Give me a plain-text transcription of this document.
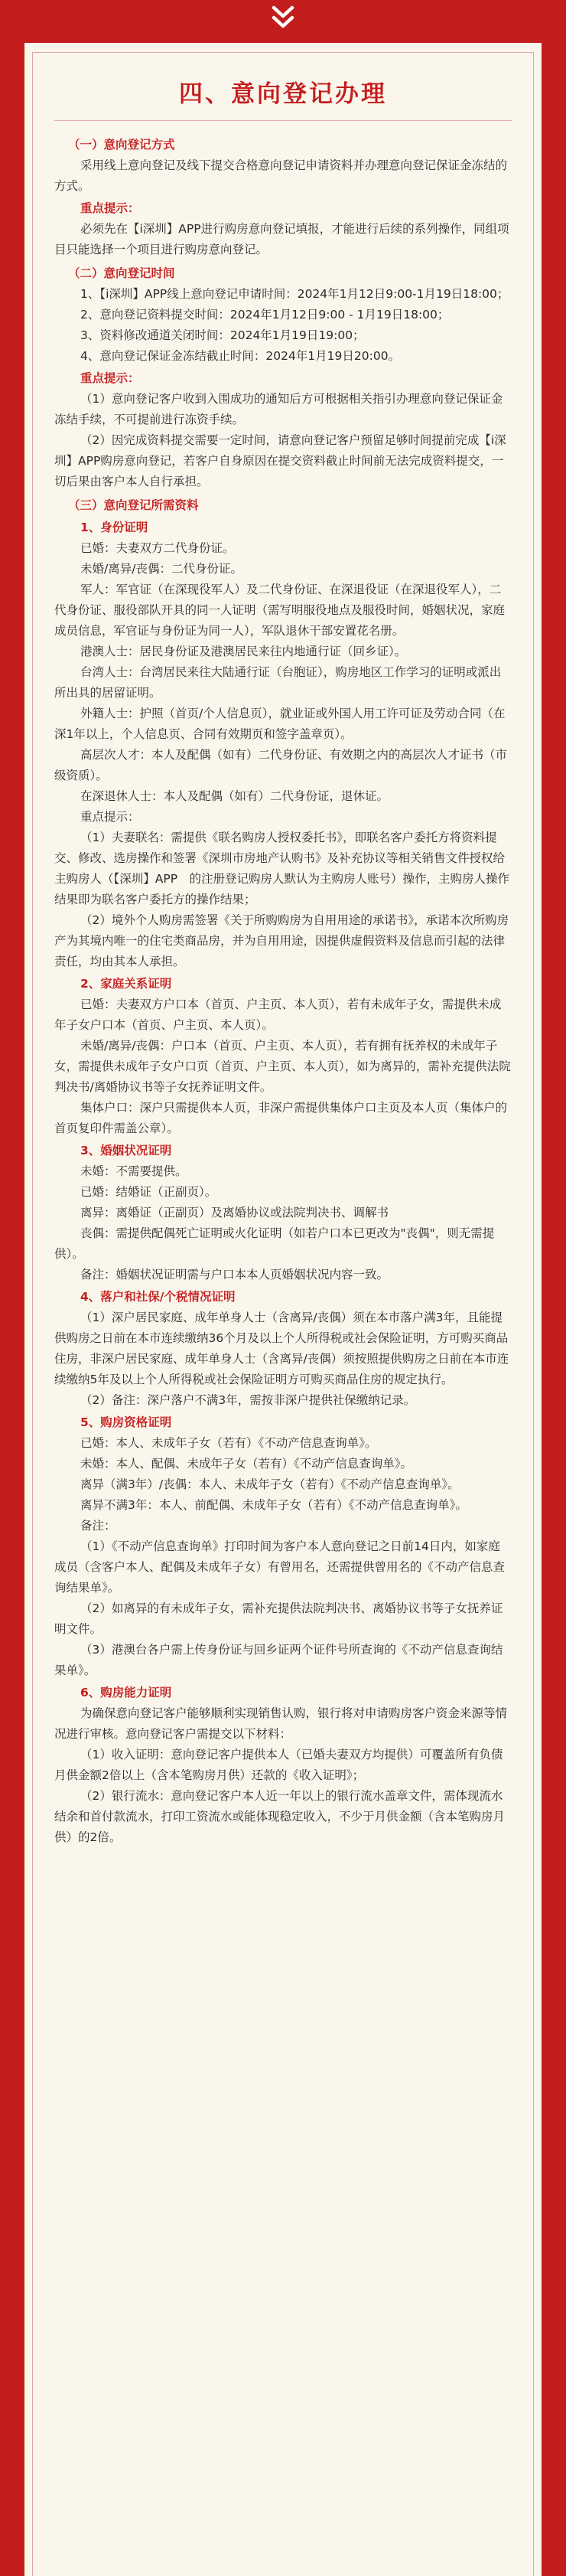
四、意向登记办理
（一）意向登记方式
采用线上意向登记及线下提交合格意向登记申请资料并办理意向登记保证金冻结的方式。
重点提示：
必须先在【i深圳】APP进行购房意向登记填报，才能进行后续的系列操作，同组项目只能选择一个项目进行购房意向登记。
（二）意向登记时间
1、【i深圳】APP线上意向登记申请时间：2024年1月12日9:00-1月19日18:00；
2、意向登记资料提交时间：2024年1月12日9:00 - 1月19日18:00；
3、资料修改通道关闭时间：2024年1月19日19:00；
4、意向登记保证金冻结截止时间：2024年1月19日20:00。
重点提示：
（1）意向登记客户收到入围成功的通知后方可根据相关指引办理意向登记保证金冻结手续，不可提前进行冻资手续。
（2）因完成资料提交需要一定时间，请意向登记客户预留足够时间提前完成【i深圳】APP购房意向登记，若客户自身原因在提交资料截止时间前无法完成资料提交，一切后果由客户本人自行承担。
（三）意向登记所需资料
1、身份证明
已婚：夫妻双方二代身份证。
未婚/离异/丧偶：二代身份证。
军人：军官证（在深现役军人）及二代身份证、在深退役证（在深退役军人），二代身份证、服役部队开具的同一人证明（需写明服役地点及服役时间，婚姻状况，家庭成员信息，军官证与身份证为同一人），军队退休干部安置花名册。
港澳人士：居民身份证及港澳居民来往内地通行证（回乡证）。
台湾人士：台湾居民来往大陆通行证（台胞证），购房地区工作学习的证明或派出所出具的居留证明。
外籍人士：护照（首页/个人信息页），就业证或外国人用工许可证及劳动合同（在深1年以上，个人信息页、合同有效期页和签字盖章页）。
高层次人才：本人及配偶（如有）二代身份证、有效期之内的高层次人才证书（市级资质）。
在深退休人士：本人及配偶（如有）二代身份证，退休证。
重点提示：
（1）夫妻联名：需提供《联名购房人授权委托书》，即联名客户委托方将资料提交、修改、选房操作和签署《深圳市房地产认购书》及补充协议等相关销售文件授权给主购房人（【深圳】APP　的注册登记购房人默认为主购房人账号）操作，主购房人操作结果即为联名客户委托方的操作结果；
（2）境外个人购房需签署《关于所购购房为自用用途的承诺书》，承诺本次所购房产为其境内唯一的住宅类商品房，并为自用用途，因提供虚假资料及信息而引起的法律责任，均由其本人承担。
2、家庭关系证明
已婚：夫妻双方户口本（首页、户主页、本人页），若有未成年子女，需提供未成年子女户口本（首页、户主页、本人页）。
未婚/离异/丧偶：户口本（首页、户主页、本人页），若有拥有抚养权的未成年子女，需提供未成年子女户口页（首页、户主页、本人页），如为离异的，需补充提供法院判决书/离婚协议书等子女抚养证明文件。
集体户口：深户只需提供本人页，非深户需提供集体户口主页及本人页（集体户的首页复印件需盖公章）。
3、婚姻状况证明
未婚：不需要提供。
已婚：结婚证（正副页）。
离异：离婚证（正副页）及离婚协议或法院判决书、调解书
丧偶：需提供配偶死亡证明或火化证明（如若户口本已更改为"丧偶"，则无需提供）。
备注：婚姻状况证明需与户口本本人页婚姻状况内容一致。
4、落户和社保/个税情况证明
（1）深户居民家庭、成年单身人士（含离异/丧偶）须在本市落户满3年，且能提供购房之日前在本市连续缴纳36个月及以上个人所得税或社会保险证明，方可购买商品住房，非深户居民家庭、成年单身人士（含离异/丧偶）须按照提供购房之日前在本市连续缴纳5年及以上个人所得税或社会保险证明方可购买商品住房的规定执行。
（2）备注：深户落户不满3年，需按非深户提供社保缴纳记录。
5、购房资格证明
已婚：本人、未成年子女（若有）《不动产信息查询单》。
未婚：本人、配偶、未成年子女（若有）《不动产信息查询单》。
离异（满3年）/丧偶：本人、未成年子女（若有）《不动产信息查询单》。
离异不满3年：本人、前配偶、未成年子女（若有）《不动产信息查询单》。
备注：
（1）《不动产信息查询单》打印时间为客户本人意向登记之日前14日内，如家庭成员（含客户本人、配偶及未成年子女）有曾用名，还需提供曾用名的《不动产信息查询结果单》。
（2）如离异的有未成年子女，需补充提供法院判决书、离婚协议书等子女抚养证明文件。
（3）港澳台各户需上传身份证与回乡证两个证件号所查询的《不动产信息查询结果单》。
6、购房能力证明
为确保意向登记客户能够顺利实现销售认购，银行将对申请购房客户资金来源等情况进行审核。意向登记客户需提交以下材料：
（1）收入证明：意向登记客户提供本人（已婚夫妻双方均提供）可覆盖所有负债月供金额2倍以上（含本笔购房月供）还款的《收入证明》；
（2）银行流水：意向登记客户本人近一年以上的银行流水盖章文件，需体现流水结余和首付款流水，打印工资流水或能体现稳定收入，不少于月供金额（含本笔购房月供）的2倍。
